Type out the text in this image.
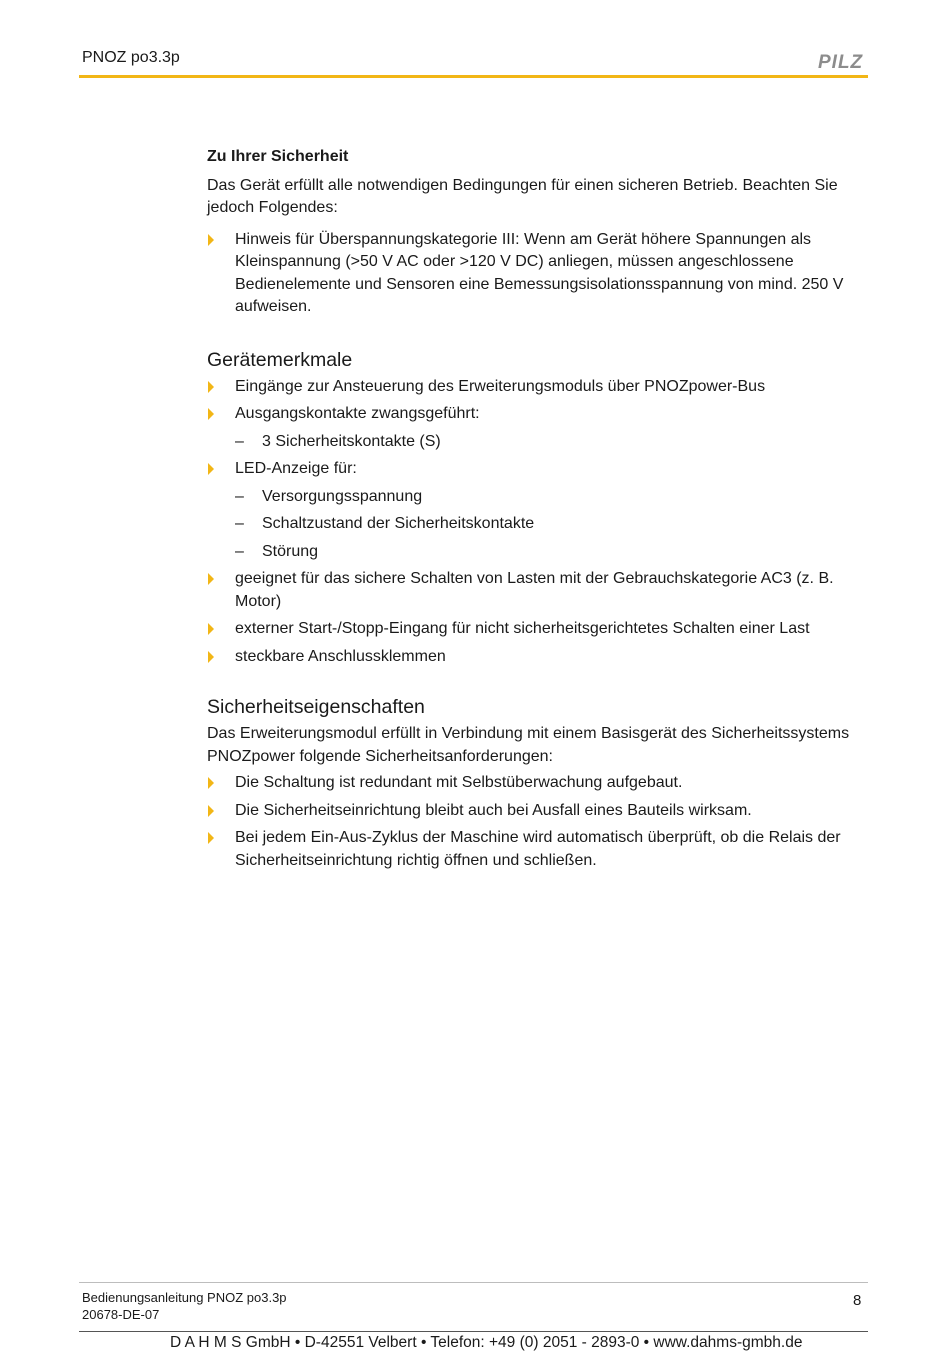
PNOZ po3.3p	PILZ
Zu Ihrer Sicherheit

Das Gerät erfüllt alle notwendigen Bedingungen für einen sicheren Betrieb. Beachten Sie jedoch Folgendes:

Hinweis für Überspannungskategorie III: Wenn am Gerät höhere Spannungen als Kleinspannung (>50 V AC oder >120 V DC) anliegen, müssen angeschlossene Bedienelemente und Sensoren eine Bemessungsisolationsspannung von mind. 250 V aufweisen.
Gerätemerkmale
Eingänge zur Ansteuerung des Erweiterungsmoduls über PNOZpower-Bus
Ausgangskontakte zwangsgeführt:
– 3 Sicherheitskontakte (S)
LED-Anzeige für:
– Versorgungsspannung
– Schaltzustand der Sicherheitskontakte
– Störung
geeignet für das sichere Schalten von Lasten mit der Gebrauchskategorie AC3 (z. B. Motor)
externer Start-/Stopp-Eingang für nicht sicherheitsgerichtetes Schalten einer Last
steckbare Anschlussklemmen
Sicherheitseigenschaften

Das Erweiterungsmodul erfüllt in Verbindung mit einem Basisgerät des Sicherheitssystems PNOZpower folgende Sicherheitsanforderungen:

Die Schaltung ist redundant mit Selbstüberwachung aufgebaut.
Die Sicherheitseinrichtung bleibt auch bei Ausfall eines Bauteils wirksam.
Bei jedem Ein-Aus-Zyklus der Maschine wird automatisch überprüft, ob die Relais der Sicherheitseinrichtung richtig öffnen und schließen.
Bedienungsanleitung PNOZ po3.3p
20678-DE-07
8
D A H M S GmbH • D-42551 Velbert • Telefon: +49 (0) 2051 - 2893-0 • www.dahms-gmbh.de
